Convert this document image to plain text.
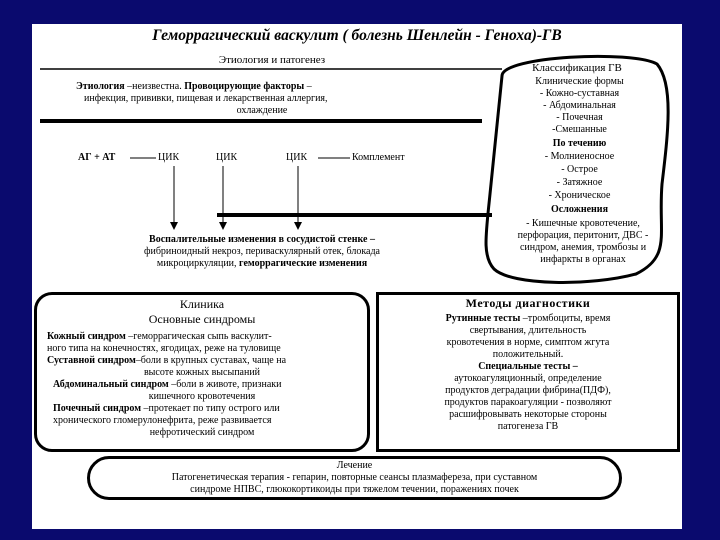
Геморрагический васкулит ( болезнь Шенлейн - Геноха)-ГВ
Этиология и патогенез
Этиология –неизвестна. Провоцирующие факторы –
инфекция, прививки, пищевая и лекарственная аллергия,
охлаждение
АГ + АТ	ЦИК	ЦИК	ЦИК	Комплемент
Воспалительные изменения в сосудистой стенке –
фибриноидный некроз, периваскулярный отек, блокада
микроциркуляции, геморрагические изменения
Классификация ГВ
Клинические формы
- Кожно-суставная
- Абдоминальная
- Почечная
-Смешанные
По течению
- Молниеносное
- Острое
- Затяжное
- Хроническое
Осложнения
- Кишечные кровотечение,
перфорация, перитонит, ДВС -
синдром, анемия, тромбозы и
инфаркты в органах
Клиника
Основные синдромы
Кожный синдром –геморрагическая сыпь васкулит-
ного типа на конечностях, ягодицах, реже на туловище
Суставной синдром–боли в крупных суставах, чаще на
высоте кожных высыпаний
Абдоминальный синдром –боли в животе, признаки
кишечного кровотечения
Почечный синдром –протекает по типу острого или
хронического гломерулонефрита, реже развивается
нефротический синдром
Методы диагностики
Рутинные тесты –тромбоциты, время
свертывания, длительность
кровотечения в норме, симптом жгута
положительный.
Специальные тесты –
аутокоагуляционный, определение
продуктов деградации фибрина(ПДФ),
продуктов паракоагуляции - позволяют
расшифровывать некоторые стороны
патогенеза ГВ
Лечение
Патогенетическая терапия - гепарин, повторные сеансы плазмафереза, при суставном
синдроме НПВС, глюкокортикоиды при тяжелом течении, поражениях почек
